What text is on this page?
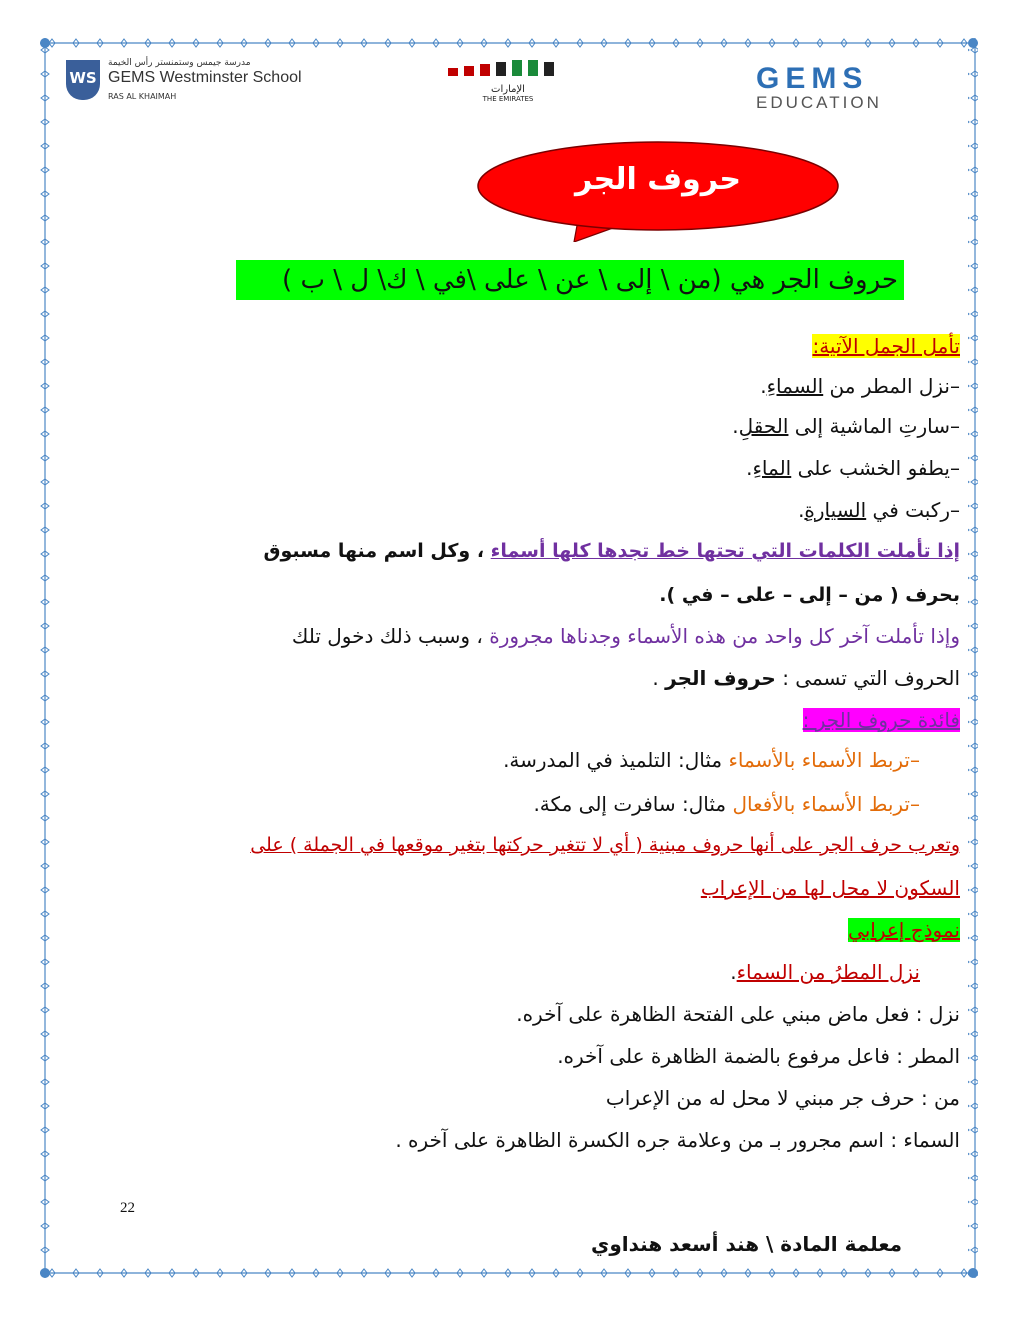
WS
مدرسة جيمس وستمنستر رأس الخيمة
GEMS Westminster School
RAS AL KHAIMAH
الإمارات
THE EMIRATES
GEMS
EDUCATION
حروف الجر
حروف الجر هي (من \ إلى \ عن \ على \في \ ك\ ل \ ب )
تأمل الجمل الآتية:
–نزل المطر من السماءِ.
–سارتِ الماشية إلى الحقلِ.
–يطفو الخشب على الماءِ.
–ركبت في السيارةِ.
إذا تأملت الكلمات التي تحتها خط تجدها كلها أسماء ، وكل اسم منها مسبوق
بحرف ( من – إلى – على – في ).
وإذا تأملت آخر كل واحد من هذه الأسماء وجدناها مجرورة ، وسبب ذلك دخول تلك
الحروف التي تسمى : حروف الجر .
فائدة حروف الجر :
–تربط الأسماء بالأسماء مثال: التلميذ في المدرسة.
–تربط الأسماء بالأفعال مثال: سافرت إلى مكة.
وتعرب حرف الجر على أنها حروف مبنية ( أي لا تتغير حركتها بتغير موقعها في الجملة ) على
السكون لا محل لها من الإعراب
نموذج إعرابي
نزل المطرُ من السماء.
نزل : فعل ماض مبني على الفتحة الظاهرة على آخره.
المطر : فاعل مرفوع بالضمة الظاهرة على آخره.
من : حرف جر مبني لا محل له من الإعراب
السماء : اسم مجرور بـ من وعلامة جره الكسرة الظاهرة على آخره .
22
معلمة المادة \ هند أسعد هنداوي
